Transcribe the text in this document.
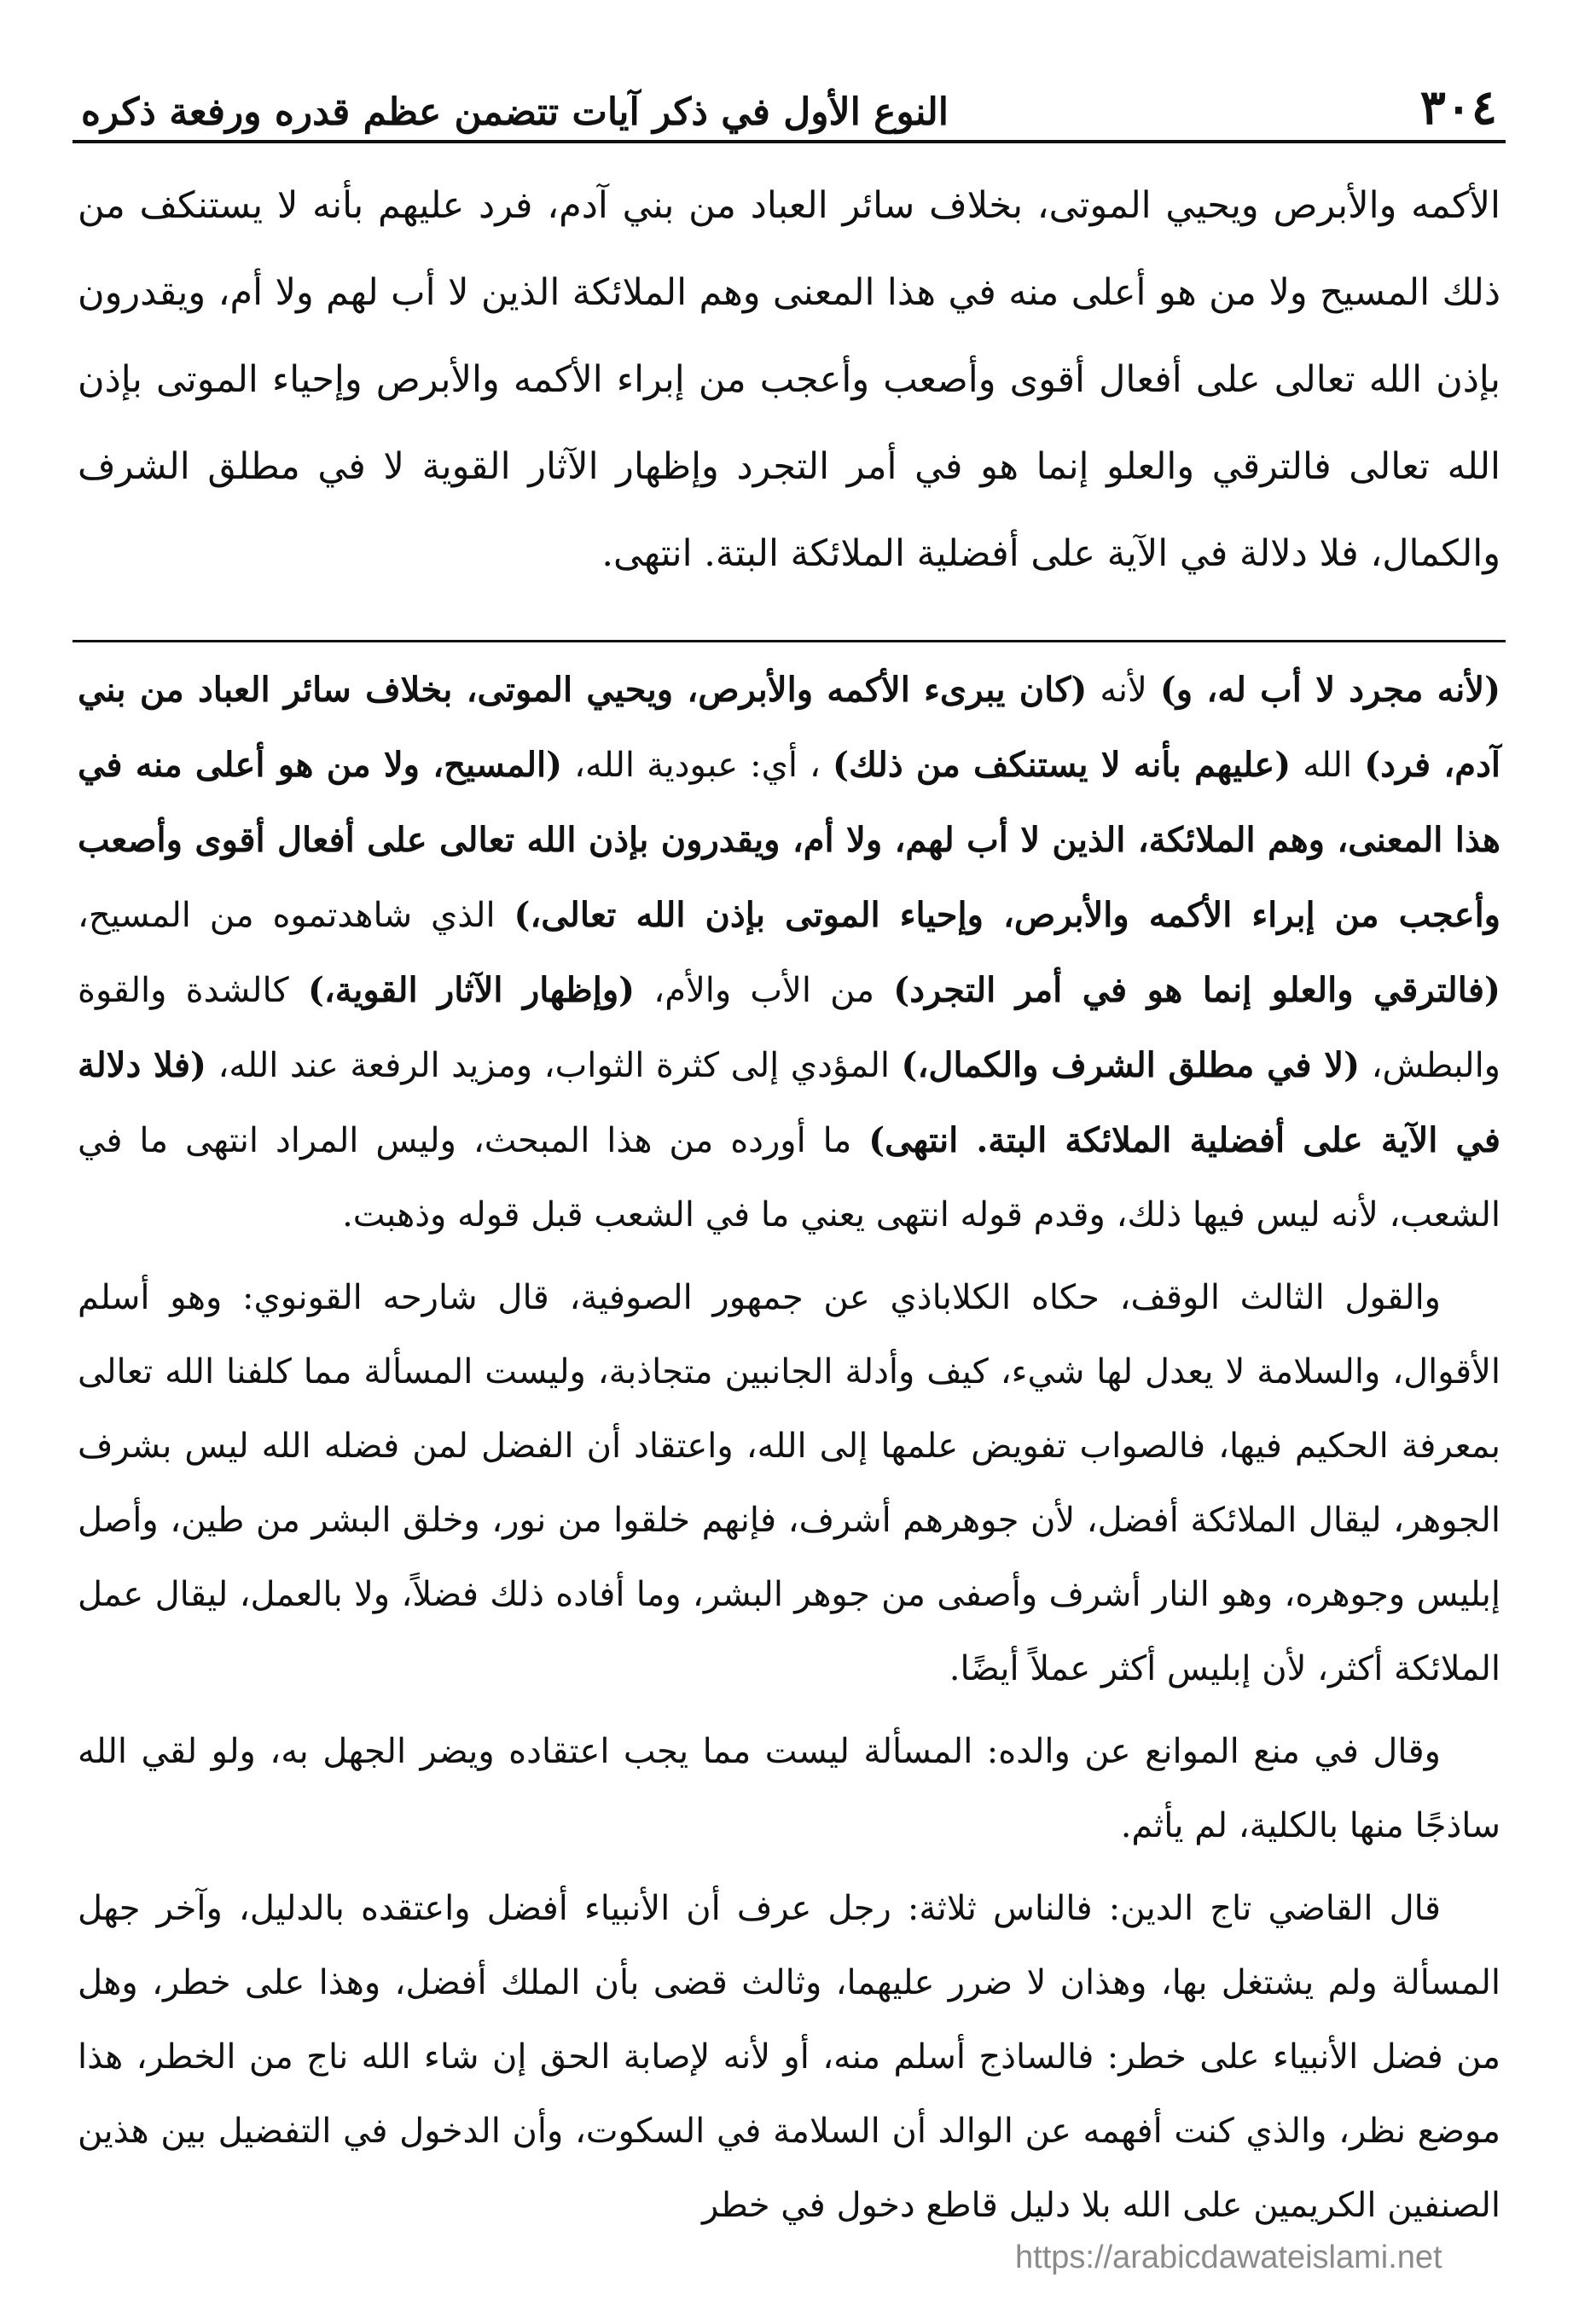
٣٠٤
النوع الأول في ذكر آيات تتضمن عظم قدره ورفعة ذكره
الأكمه والأبرص ويحيي الموتى، بخلاف سائر العباد من بني آدم، فرد عليهم بأنه لا يستنكف من ذلك المسيح ولا من هو أعلى منه في هذا المعنى وهم الملائكة الذين لا أب لهم ولا أم، ويقدرون بإذن الله تعالى على أفعال أقوى وأصعب وأعجب من إبراء الأكمه والأبرص وإحياء الموتى بإذن الله تعالى فالترقي والعلو إنما هو في أمر التجرد وإظهار الآثار القوية لا في مطلق الشرف والكمال، فلا دلالة في الآية على أفضلية الملائكة البتة. انتهى.

(لأنه مجرد لا أب له، و) لأنه (كان يبرىء الأكمه والأبرص، ويحيي الموتى، بخلاف سائر العباد من بني آدم، فرد) الله (عليهم بأنه لا يستنكف من ذلك) ، أي: عبودية الله، (المسيح، ولا من هو أعلى منه في هذا المعنى، وهم الملائكة، الذين لا أب لهم، ولا أم، ويقدرون بإذن الله تعالى على أفعال أقوى وأصعب وأعجب من إبراء الأكمه والأبرص، وإحياء الموتى بإذن الله تعالى،) الذي شاهدتموه من المسيح، (فالترقي والعلو إنما هو في أمر التجرد) من الأب والأم، (وإظهار الآثار القوية،) كالشدة والقوة والبطش، (لا في مطلق الشرف والكمال،) المؤدي إلى كثرة الثواب، ومزيد الرفعة عند الله، (فلا دلالة في الآية على أفضلية الملائكة البتة. انتهى) ما أورده من هذا المبحث، وليس المراد انتهى ما في الشعب، لأنه ليس فيها ذلك، وقدم قوله انتهى يعني ما في الشعب قبل قوله وذهبت.

والقول الثالث الوقف، حكاه الكلاباذي عن جمهور الصوفية، قال شارحه القونوي: وهو أسلم الأقوال، والسلامة لا يعدل لها شيء، كيف وأدلة الجانبين متجاذبة، وليست المسألة مما كلفنا الله تعالى بمعرفة الحكيم فيها، فالصواب تفويض علمها إلى الله، واعتقاد أن الفضل لمن فضله الله ليس بشرف الجوهر، ليقال الملائكة أفضل، لأن جوهرهم أشرف، فإنهم خلقوا من نور، وخلق البشر من طين، وأصل إبليس وجوهره، وهو النار أشرف وأصفى من جوهر البشر، وما أفاده ذلك فضلاً، ولا بالعمل، ليقال عمل الملائكة أكثر، لأن إبليس أكثر عملاً أيضًا.

وقال في منع الموانع عن والده: المسألة ليست مما يجب اعتقاده ويضر الجهل به، ولو لقي الله ساذجًا منها بالكلية، لم يأثم.

قال القاضي تاج الدين: فالناس ثلاثة: رجل عرف أن الأنبياء أفضل واعتقده بالدليل، وآخر جهل المسألة ولم يشتغل بها، وهذان لا ضرر عليهما، وثالث قضى بأن الملك أفضل، وهذا على خطر، وهل من فضل الأنبياء على خطر: فالساذج أسلم منه، أو لأنه لإصابة الحق إن شاء الله ناج من الخطر، هذا موضع نظر، والذي كنت أفهمه عن الوالد أن السلامة في السكوت، وأن الدخول في التفضيل بين هذين الصنفين الكريمين على الله بلا دليل قاطع دخول في خطر

https://arabicdawateislami.net
